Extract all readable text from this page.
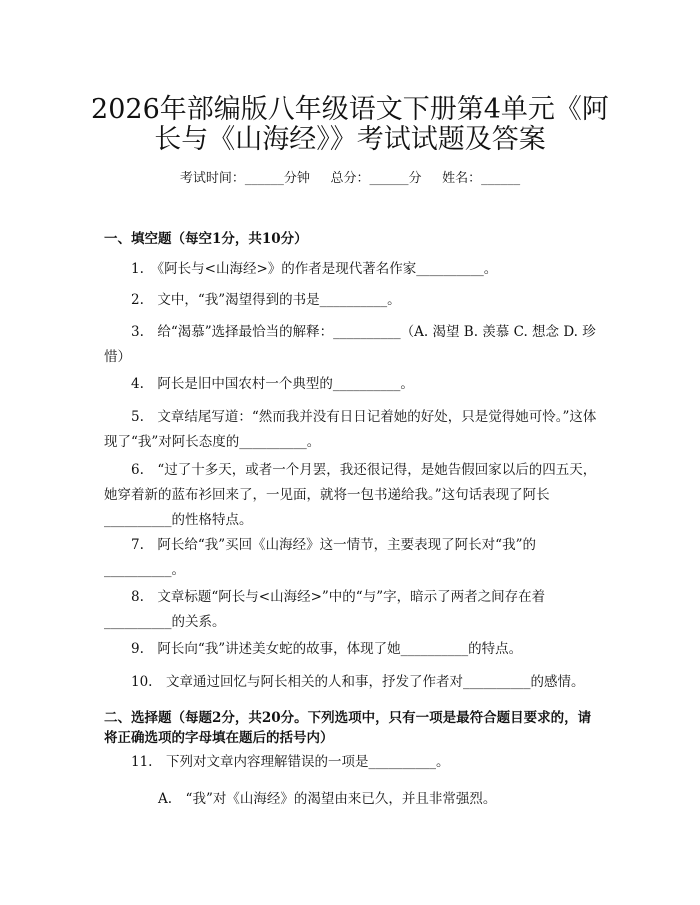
2026年部编版八年级语文下册第4单元《阿
长与《山海经》》考试试题及答案
考试时间：______分钟     总分：______分     姓名：______
一、填空题（每空1分，共10分）
1.　《阿长与<山海经>》的作者是现代著名作家__________。
2.　文中，“我”渴望得到的书是__________。
3.　给“渴慕”选择最恰当的解释：__________（A. 渴望 B. 羡慕 C. 想念 D. 珍惜）
4.　阿长是旧中国农村一个典型的__________。
5.　文章结尾写道：“然而我并没有日日记着她的好处，只是觉得她可怜。”这体现了“我”对阿长态度的__________。
6.　“过了十多天，或者一个月罢，我还很记得，是她告假回家以后的四五天，她穿着新的蓝布衫回来了，一见面，就将一包书递给我。”这句话表现了阿长__________的性格特点。
7.　阿长给“我”买回《山海经》这一情节，主要表现了阿长对“我”的__________。
8.　文章标题“阿长与<山海经>”中的“与”字，暗示了两者之间存在着__________的关系。
9.　阿长向“我”讲述美女蛇的故事，体现了她__________的特点。
10.　文章通过回忆与阿长相关的人和事，抒发了作者对__________的感情。
二、选择题（每题2分，共20分。下列选项中，只有一项是最符合题目要求的，请将正确选项的字母填在题后的括号内）
11.　下列对文章内容理解错误的一项是__________。
A.　“我”对《山海经》的渴望由来已久，并且非常强烈。
